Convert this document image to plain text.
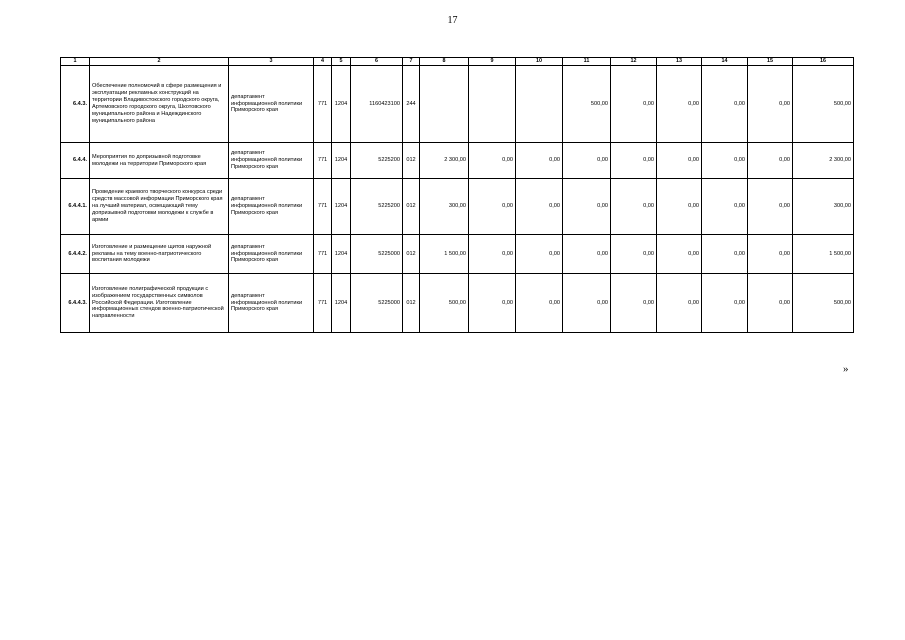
17
1	2	3	4	5	6	7	8	9	10	11	12	13	14	15	16
6.4.3.	Обеспечение полномочий в сфере размещения и эксплуатации рекламных конструкций на территории Владивостокского городского округа, Артемовского городского округа, Шкотовского муниципального района и Надеждинского муниципального района	департамент информационной политики Приморского края	771	1204	1160423100	244				500,00	0,00	0,00	0,00	0,00	500,00
6.4.4.	Мероприятия по допризывной подготовке молодежи на территории Приморского края	департамент информационной политики Приморского края	771	1204	5225200	012	2 300,00	0,00	0,00	0,00	0,00	0,00	0,00	0,00	2 300,00
6.4.4.1.	Проведение краевого творческого конкурса среди средств массовой информации Приморского края на лучший материал, освещающий тему допризывной подготовки молодежи к службе в армии	департамент информационной политики Приморского края	771	1204	5225200	012	300,00	0,00	0,00	0,00	0,00	0,00	0,00	0,00	300,00
6.4.4.2.	Изготовление и размещение щитов наружной рекламы на тему военно-патриотического воспитания молодежи	департамент информационной политики Приморского края	771	1204	5225000	012	1 500,00	0,00	0,00	0,00	0,00	0,00	0,00	0,00	1 500,00
6.4.4.3.	Изготовление полиграфической продукции с изображением государственных символов Российской Федерации. Изготовление информационных стендов военно-патриотической направленности	департамент информационной политики Приморского края	771	1204	5225000	012	500,00	0,00	0,00	0,00	0,00	0,00	0,00	0,00	500,00
»
